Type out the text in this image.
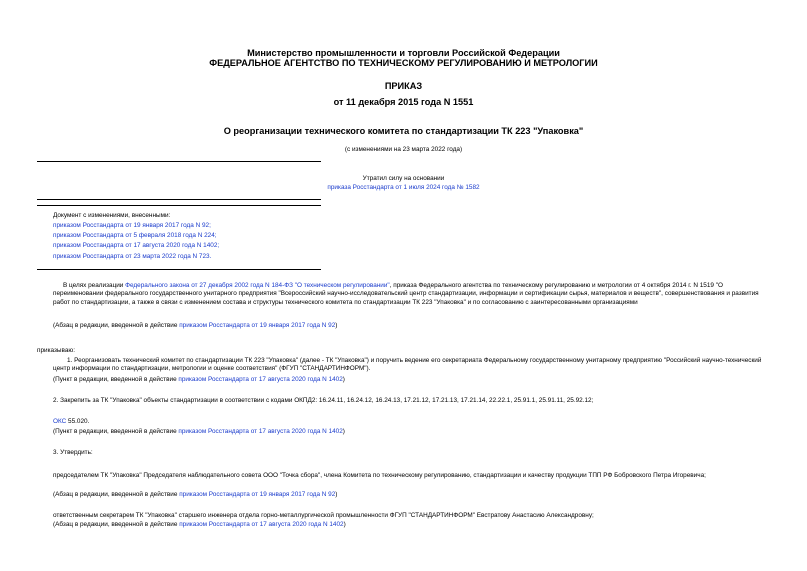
Министерство промышленности и торговли Российской Федерации
ФЕДЕРАЛЬНОЕ АГЕНТСТВО ПО ТЕХНИЧЕСКОМУ РЕГУЛИРОВАНИЮ И МЕТРОЛОГИИ
ПРИКАЗ
от 11 декабря 2015 года N 1551
О реорганизации технического комитета по стандартизации ТК 223 "Упаковка"
(с изменениями на 23 марта 2022 года)
Утратил силу на основании
приказа Росстандарта от 1 июля 2024 года № 1582
Документ с изменениями, внесенными:
приказом Росстандарта от 19 января 2017 года N 92;
приказом Росстандарта от 5 февраля 2018 года N 224;
приказом Росстандарта от 17 августа 2020 года N 1402;
приказом Росстандарта от 23 марта 2022 года N 723.
В целях реализации Федерального закона от 27 декабря 2002 года N 184-ФЗ "О техническом регулировании", приказа Федерального агентства по техническому регулированию и метрологии от 4 октября 2014 г. N 1519 "О переименовании федерального государственного унитарного предприятия "Всероссийский научно-исследовательский центр стандартизации, информации и сертификации сырья, материалов и веществ", совершенствования и развития работ по стандартизации, а также в связи с изменением состава и структуры технического комитета по стандартизации ТК 223 "Упаковка" и по согласованию с заинтересованными организациями
(Абзац в редакции, введенной в действие приказом Росстандарта от 19 января 2017 года N 92)
приказываю:
1. Реорганизовать технический комитет по стандартизации ТК 223 "Упаковка" (далее - ТК "Упаковка") и поручить ведение его секретариата Федеральному государственному унитарному предприятию "Российский научно-технический центр информации по стандартизации, метрологии и оценке соответствия" (ФГУП "СТАНДАРТИНФОРМ").
(Пункт в редакции, введенной в действие приказом Росстандарта от 17 августа 2020 года N 1402)
2. Закрепить за ТК "Упаковка" объекты стандартизации в соответствии с кодами ОКПД2: 16.24.11, 16.24.12, 16.24.13, 17.21.12, 17.21.13, 17.21.14, 22.22.1, 25.91.1, 25.91.11, 25.92.12;
ОКС 55.020.
(Пункт в редакции, введенной в действие приказом Росстандарта от 17 августа 2020 года N 1402)
3. Утвердить:
председателем ТК "Упаковка" Председателя наблюдательного совета ООО "Точка сбора", члена Комитета по техническому регулированию, стандартизации и качеству продукции ТПП РФ Бобровского Петра Игоревича;
(Абзац в редакции, введенной в действие приказом Росстандарта от 19 января 2017 года N 92)
ответственным секретарем ТК "Упаковка" старшего инженера отдела горно-металлургической промышленности ФГУП "СТАНДАРТИНФОРМ" Евстратову Анастасию Александровну;
(Абзац в редакции, введенной в действие приказом Росстандарта от 17 августа 2020 года N 1402)
